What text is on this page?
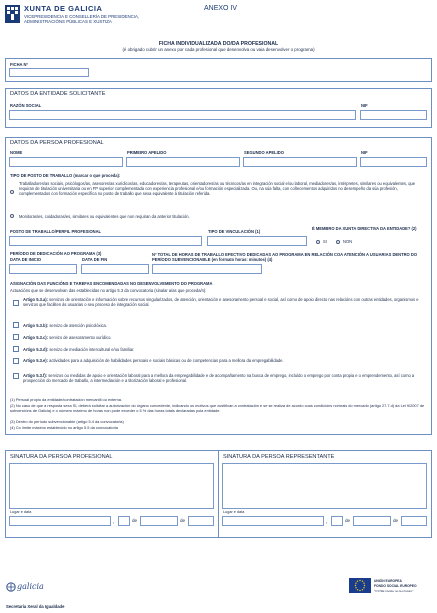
XUNTA DE GALICIA
VICEPRESIDENCIA E CONSELLERÍA DE PRESIDENCIA,
ADMINISTRACIÓNS PÚBLICAS E XUSTIZA
ANEXO IV
FICHA INDIVIDUALIZADA DO/DA PROFESIONAL
(é obrigado cubrir un anexo por cada profesional que desenvolva ou vaia desenvolver o programa)
FICHA Nº
DATOS DA ENTIDADE SOLICITANTE
RAZÓN SOCIAL	NIF
DATOS DA PERSOA PROFESIONAL
NOME	PRIMEIRO APELIDO	SEGUNDO APELIDO	NIF
TIPO DE POSTO DE TRABALLO (marcar o que proceda):
Traballadores/as sociais, psicólogos/as, asesores/as xurídicos/as, educadores/as, terapeutas, orientadores/as ou técnicos/as en integración social e/ou laboral, mediadores/as, intérpretes, similares ou equivalentes, que requiran de titulación universitaria ou en FP superior complementada con experiencia profesional e/ou formación especializada. Ou, na súa falta, con coñecementos adquiridos no desempeño da súa profesión, complementados con formación específica no posto de traballo que sexa equivalente á titulación referida.
Monitoras/es, coidadoras/es, similares ou equivalentes que non requiran da anterior titulación.
POSTO DE TRABALLO/PERFIL PROFESIONAL	TIPO DE VINCULACIÓN (1)
É MEMBRO DA XUNTA DIRECTIVA DA ENTIDADE? (2)
SI	NON
PERÍODO DE DEDICACIÓN AO PROGRAMA (3)
DATA DE INICIO	DATA DE FIN
Nº TOTAL DE HORAS DE TRABALLO EFECTIVO DEDICADAS AO PROGRAMA EN RELACIÓN COA ATENCIÓN A USUARIAS DENTRO DO PERÍODO SUBVENCIONABLE (en formato horas: minutos) (4)
ASIGNACIÓN DAS FUNCIÓNS E TAREFAS ENCOMENDADAS NO DESENVOLVEMENTO DO PROGRAMA
Actuacións que se desenvolvan das establecidas no artigo 5.3 da convocatoria (sinalar a/as que proceda/n):
Artigo 5.3.a): servizos de orientación e información sobre recursos singularizados, de atención, orientación e asesoramento persoal e social, así como de apoio directo nas relacións con outras entidades, organismos e servizos que faciliten ás usuarias o seu proceso de integración social.
Artigo 5.3.b): servizo de atención psicolóxica.
Artigo 5.3.c): servizo de asesoramento xurídico.
Artigo 5.3.d): servizo de mediación intercultural e/ou familiar.
Artigo 5.3.e): actividades para a adquisición de habilidades persoais e sociais básicas ou de competencias para a mellora da empregabilidade.
Artigo 5.3.f): servizos ou medidas de apoio e orientación laboral para a mellora da empregabilidade e de acompañamento na busca de emprego, incluído o emprego por conta propia e o emprendemento, así como a prospección do mercado de traballo, a intermediación e a titorización laboral e profesional.
(1) Persoal propio da entidade/contratación mercantil ou externa.
(2) No caso de que a resposta sexa SI, deberá solicitar a autorización do órgano concedente, indicando os motivos que xustifican a contratación e se se realiza de acordo coas condicións normais do mercado (artigo 27.7.d) da Lei 9/2007 de subvencións de Galicia) e o número máximo de horas non pode exceder o 5 % das horas totais declaradas pola entidade.
(3) Dentro do período subvencionable (artigo 5.4 da convocatoria)
(4) Co límite máximo establecido no artigo 5.5 da convocatoria
SINATURA DA PERSOA PROFESIONAL	SINATURA DA PERSOA REPRESENTANTE
Lugar e data	Lugar e data
,	de	de	,	de	de
galicia
Secretaría Xeral da Igualdade
UNIÓN EUROPEA
FONDO SOCIAL EUROPEO
"O FSE inviste no teu futuro"
